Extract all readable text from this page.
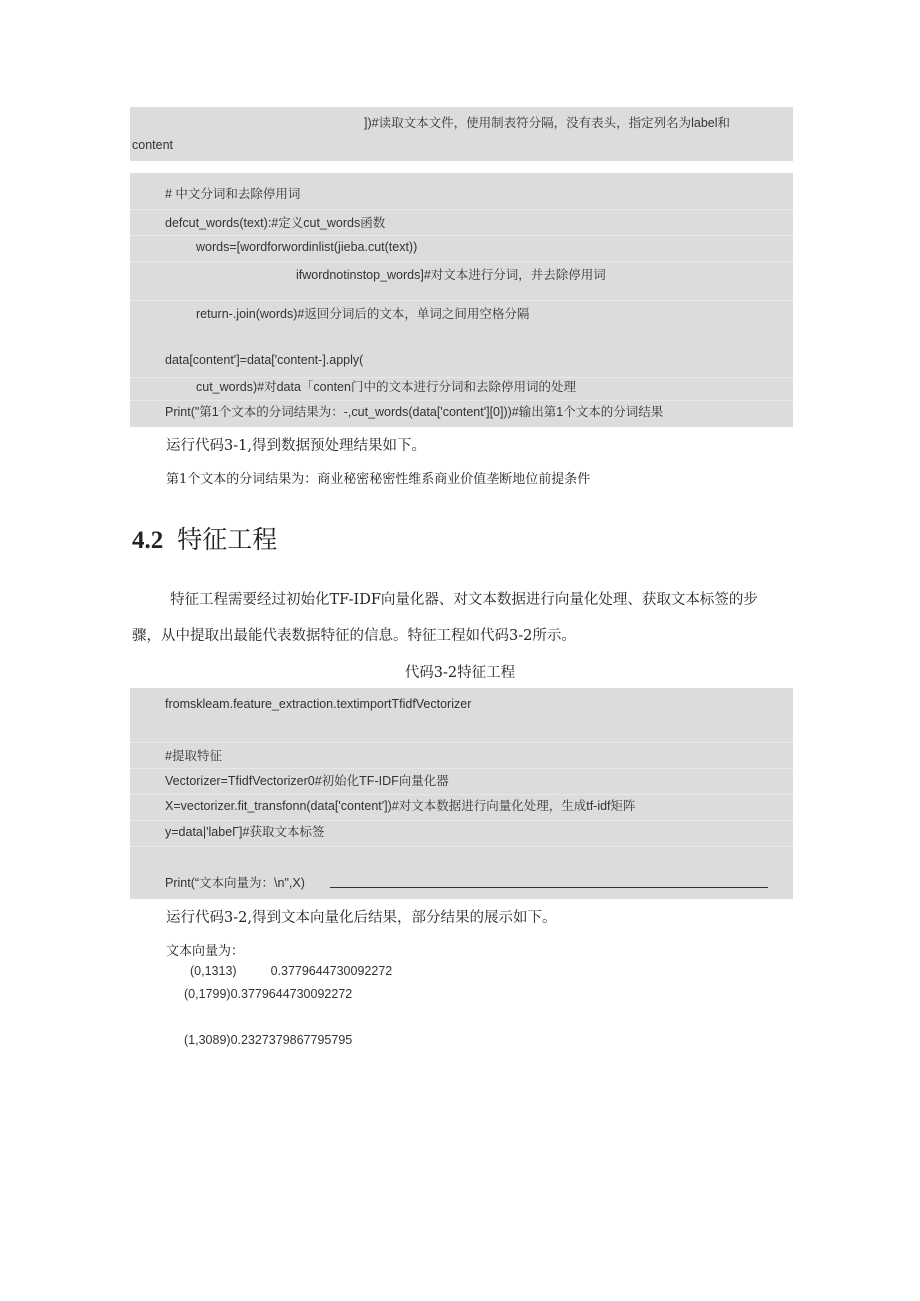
])#读取文本文件，使用制表符分隔，没有表头，指定列名为label和
content
# 中文分词和去除停用词
defcut_words(text):#定义cut_words函数
words=[wordforwordinlist(jieba.cut(text))
ifwordnotinstop_words]#对文本进行分词，并去除停用词
return-.join(words)#返回分词后的文本，单词之间用空格分隔
data[content']=data['content-].apply(
cut_words)#对data「conten门中的文本进行分词和去除停用词的处理
Print("第1个文本的分词结果为：-,cut_words(data['content'][0]))#输出第1个文本的分词结果
运行代码3-1,得到数据预处理结果如下。
第1个文本的分词结果为：商业秘密秘密性维系商业价值垄断地位前提条件
4.2 特征工程
特征工程需要经过初始化TF-IDF向量化器、对文本数据进行向量化处理、获取文本标签的步
骤，从中提取出最能代表数据特征的信息。特征工程如代码3-2所示。
代码3-2特征工程
fromskleam.feature_extraction.textimportTfidfVectorizer
#提取特征
Vectorizer=TfidfVectorizer0#初始化TF-IDF向量化器
X=vectorizer.fit_transfonn(data['content'])#对文本数据进行向量化处理，生成tf-idf矩阵
y=data|'labeΓ]#获取文本标签
Print(“文本向量为：\n",X)
运行代码3-2,得到文本向量化后结果，部分结果的展示如下。
文本向量为：
(0,1313)	0.3779644730092272
(0,1799)0.3779644730092272
(1,3089)0.2327379867795795
